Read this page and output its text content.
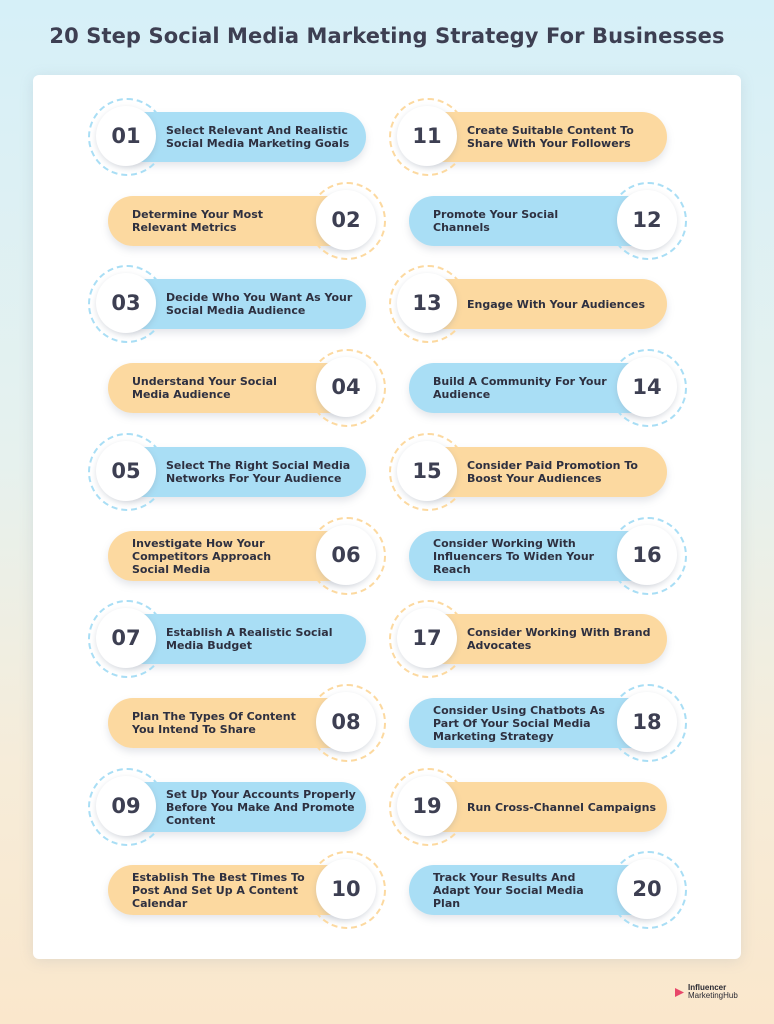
20 Step Social Media Marketing Strategy For Businesses
Select Relevant And Realistic Social Media Marketing Goals
01
Determine Your Most Relevant Metrics	02
Decide Who You Want As Your Social Media Audience
03
Understand Your Social Media Audience	04
Select The Right Social Media Networks For Your Audience
05
Investigate How Your Competitors Approach Social Media
06
Establish A Realistic Social Media Budget
07
Plan The Types Of Content You Intend To Share	08
Set Up Your Accounts Properly Before You Make And Promote Content
09
Establish The Best Times To Post And Set Up A Content Calendar
10
Create Suitable Content To Share With Your Followers
11
Promote Your Social Channels	12
Engage With Your Audiences
13
Build A Community For Your Audience	14
Consider Paid Promotion To Boost Your Audiences
15
Consider Working With Influencers To Widen Your Reach
16
Consider Working With Brand Advocates
17
Consider Using Chatbots As Part Of Your Social Media Marketing Strategy
18
Run Cross-Channel Campaigns
19
Track Your Results And Adapt Your Social Media Plan
20
Influencer
MarketingHub
